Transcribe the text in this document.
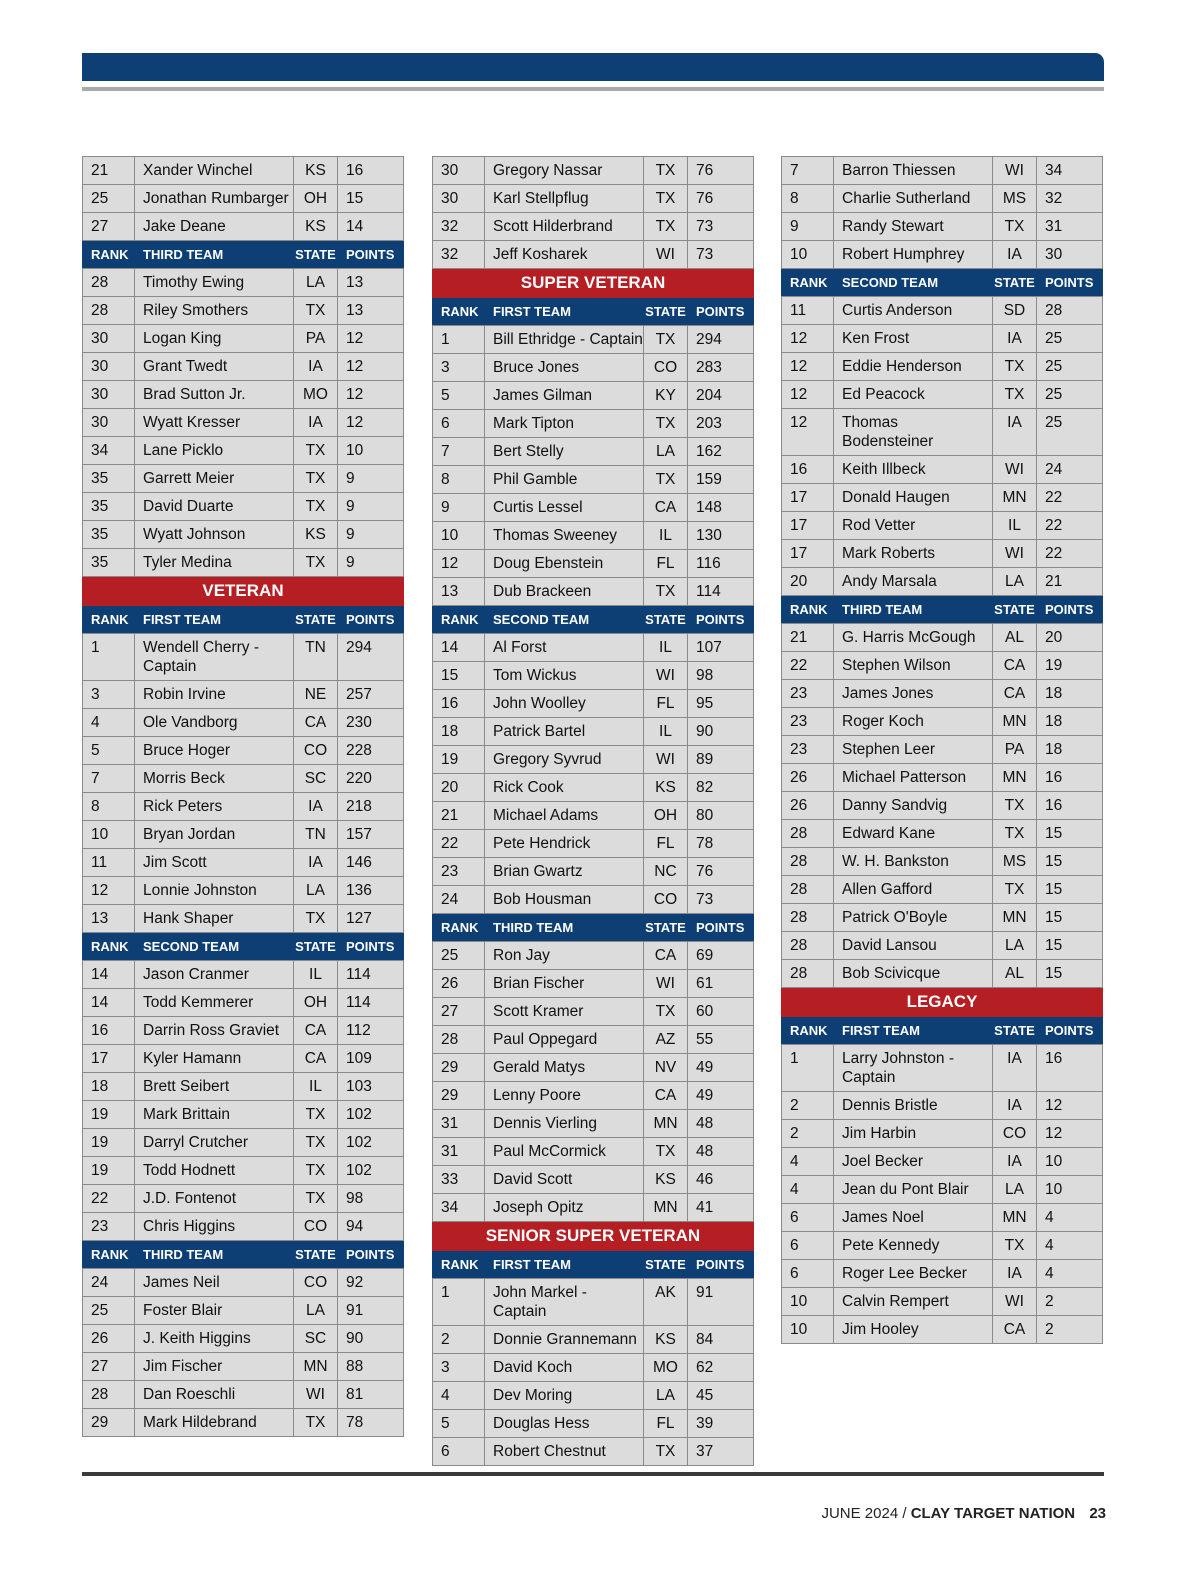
21	Xander Winchel	KS	16
25	Jonathan Rumbarger	OH	15
27	Jake Deane	KS	14
RANK	THIRD TEAM	STATE	POINTS
28	Timothy Ewing	LA	13
28	Riley Smothers	TX	13
30	Logan King	PA	12
30	Grant Twedt	IA	12
30	Brad Sutton Jr.	MO	12
30	Wyatt Kresser	IA	12
34	Lane Picklo	TX	10
35	Garrett Meier	TX	9
35	David Duarte	TX	9
35	Wyatt Johnson	KS	9
35	Tyler Medina	TX	9
VETERAN			
RANK	FIRST TEAM	STATE	POINTS
1	Wendell Cherry - Captain	TN	294
3	Robin Irvine	NE	257
4	Ole Vandborg	CA	230
5	Bruce Hoger	CO	228
7	Morris Beck	SC	220
8	Rick Peters	IA	218
10	Bryan Jordan	TN	157
11	Jim Scott	IA	146
12	Lonnie Johnston	LA	136
13	Hank Shaper	TX	127
RANK	SECOND TEAM	STATE	POINTS
14	Jason Cranmer	IL	114
14	Todd Kemmerer	OH	114
16	Darrin Ross Graviet	CA	112
17	Kyler Hamann	CA	109
18	Brett Seibert	IL	103
19	Mark Brittain	TX	102
19	Darryl Crutcher	TX	102
19	Todd Hodnett	TX	102
22	J.D. Fontenot	TX	98
23	Chris Higgins	CO	94
RANK	THIRD TEAM	STATE	POINTS
24	James Neil	CO	92
25	Foster Blair	LA	91
26	J. Keith Higgins	SC	90
27	Jim Fischer	MN	88
28	Dan Roeschli	WI	81
29	Mark Hildebrand	TX	78
30	Gregory Nassar	TX	76
30	Karl Stellpflug	TX	76
32	Scott Hilderbrand	TX	73
32	Jeff Kosharek	WI	73
SUPER VETERAN			
RANK	FIRST TEAM	STATE	POINTS
1	Bill Ethridge - Captain	TX	294
3	Bruce Jones	CO	283
5	James Gilman	KY	204
6	Mark Tipton	TX	203
7	Bert Stelly	LA	162
8	Phil Gamble	TX	159
9	Curtis Lessel	CA	148
10	Thomas Sweeney	IL	130
12	Doug Ebenstein	FL	116
13	Dub Brackeen	TX	114
RANK	SECOND TEAM	STATE	POINTS
14	Al Forst	IL	107
15	Tom Wickus	WI	98
16	John Woolley	FL	95
18	Patrick Bartel	IL	90
19	Gregory Syvrud	WI	89
20	Rick Cook	KS	82
21	Michael Adams	OH	80
22	Pete Hendrick	FL	78
23	Brian Gwartz	NC	76
24	Bob Housman	CO	73
RANK	THIRD TEAM	STATE	POINTS
25	Ron Jay	CA	69
26	Brian Fischer	WI	61
27	Scott Kramer	TX	60
28	Paul Oppegard	AZ	55
29	Gerald Matys	NV	49
29	Lenny Poore	CA	49
31	Dennis Vierling	MN	48
31	Paul McCormick	TX	48
33	David Scott	KS	46
34	Joseph Opitz	MN	41
SENIOR SUPER VETERAN			
RANK	FIRST TEAM	STATE	POINTS
1	John Markel - Captain	AK	91
2	Donnie Grannemann	KS	84
3	David Koch	MO	62
4	Dev Moring	LA	45
5	Douglas Hess	FL	39
6	Robert Chestnut	TX	37
7	Barron Thiessen	WI	34
8	Charlie Sutherland	MS	32
9	Randy Stewart	TX	31
10	Robert Humphrey	IA	30
RANK	SECOND TEAM	STATE	POINTS
11	Curtis Anderson	SD	28
12	Ken Frost	IA	25
12	Eddie Henderson	TX	25
12	Ed Peacock	TX	25
12	Thomas Bodensteiner	IA	25
16	Keith Illbeck	WI	24
17	Donald Haugen	MN	22
17	Rod Vetter	IL	22
17	Mark Roberts	WI	22
20	Andy Marsala	LA	21
RANK	THIRD TEAM	STATE	POINTS
21	G. Harris McGough	AL	20
22	Stephen Wilson	CA	19
23	James Jones	CA	18
23	Roger Koch	MN	18
23	Stephen Leer	PA	18
26	Michael Patterson	MN	16
26	Danny Sandvig	TX	16
28	Edward Kane	TX	15
28	W. H. Bankston	MS	15
28	Allen Gafford	TX	15
28	Patrick O'Boyle	MN	15
28	David Lansou	LA	15
28	Bob Scivicque	AL	15
LEGACY			
RANK	FIRST TEAM	STATE	POINTS
1	Larry Johnston - Captain	IA	16
2	Dennis Bristle	IA	12
2	Jim Harbin	CO	12
4	Joel Becker	IA	10
4	Jean du Pont Blair	LA	10
6	James Noel	MN	4
6	Pete Kennedy	TX	4
6	Roger Lee Becker	IA	4
10	Calvin Rempert	WI	2
10	Jim Hooley	CA	2
JUNE 2024 / CLAY TARGET NATION 23
